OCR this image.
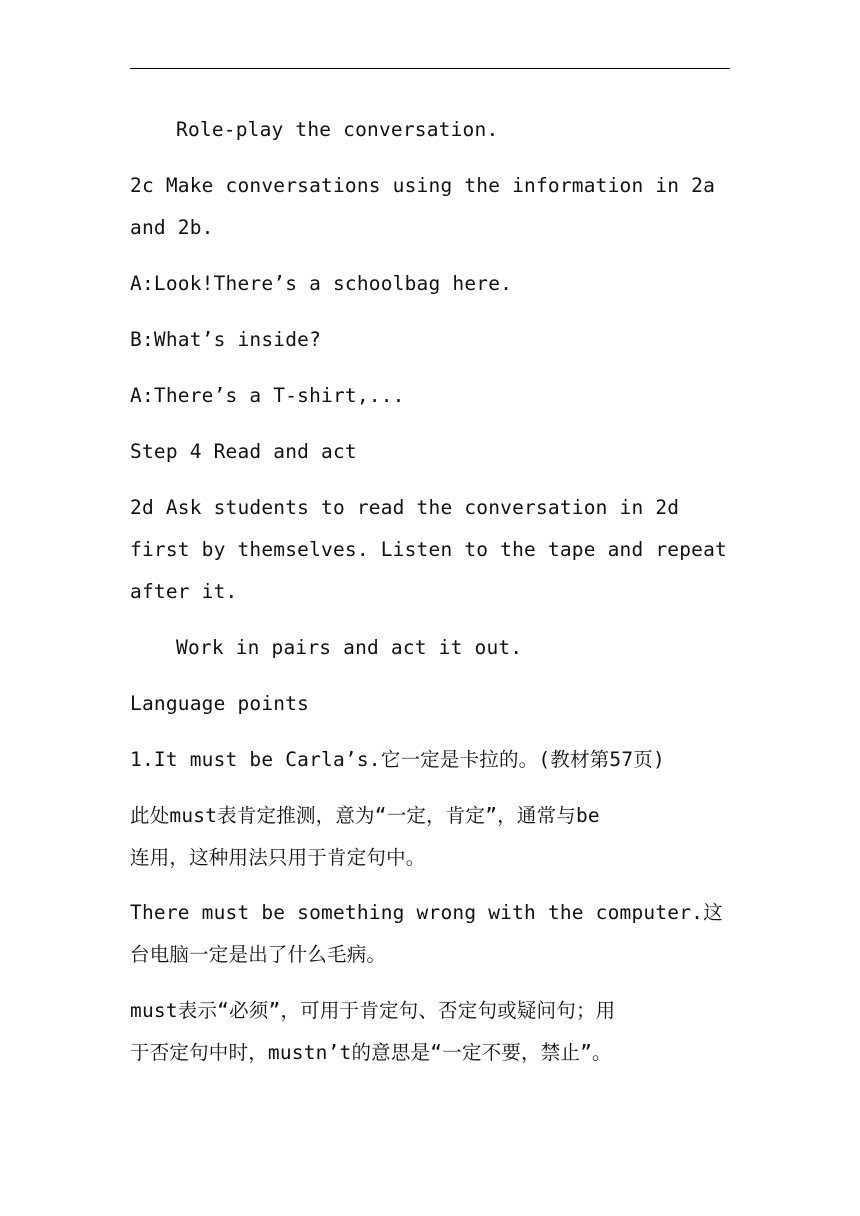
Role-play the conversation.
2c Make conversations using the information in 2a
and 2b.
A:Look!There’s a schoolbag here.
B:What’s inside?
A:There’s a T-shirt,...
Step 4 Read and act
2d Ask students to read the conversation in 2d
first by themselves. Listen to the tape and repeat
after it.
Work in pairs and act it out.
Language points
1.It must be Carla’s.它一定是卡拉的。(教材第57页)
此处must表肯定推测，意为“一定，肯定”，通常与be
连用，这种用法只用于肯定句中。
There must be something wrong with the computer.这
台电脑一定是出了什么毛病。
must表示“必须”，可用于肯定句、否定句或疑问句；用
于否定句中时，mustn’t的意思是“一定不要，禁止”。
